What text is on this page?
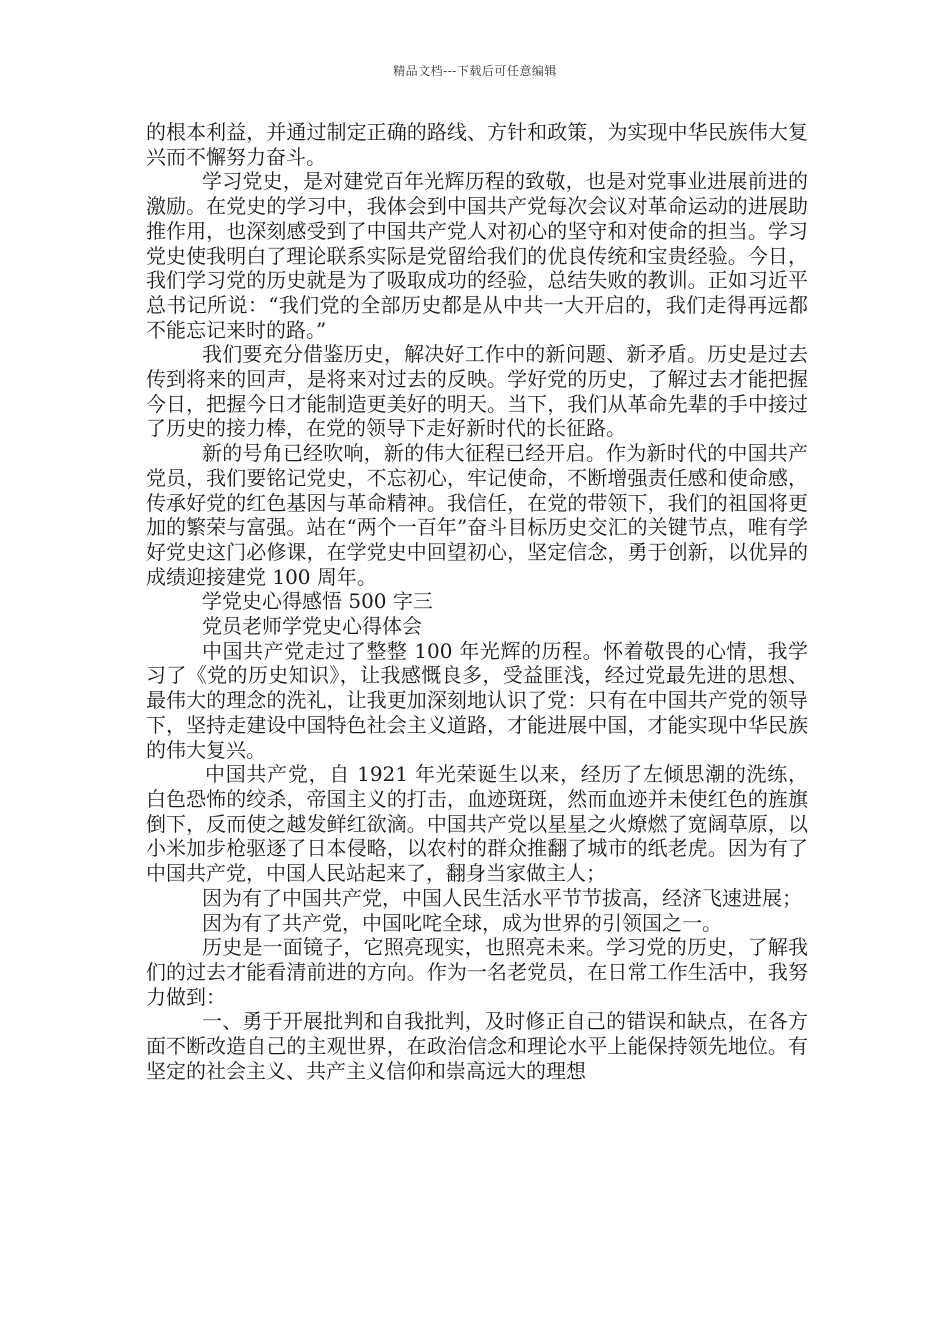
精品文档---下载后可任意编辑

的根本利益，并通过制定正确的路线、方针和政策，为实现中华民族伟大复兴而不懈努力奋斗。

学习党史，是对建党百年光辉历程的致敬，也是对党事业进展前进的激励。在党史的学习中，我体会到中国共产党每次会议对革命运动的进展助推作用，也深刻感受到了中国共产党人对初心的坚守和对使命的担当。学习党史使我明白了理论联系实际是党留给我们的优良传统和宝贵经验。今日，我们学习党的历史就是为了吸取成功的经验，总结失败的教训。正如习近平总书记所说：“我们党的全部历史都是从中共一大开启的，我们走得再远都不能忘记来时的路。”

我们要充分借鉴历史，解决好工作中的新问题、新矛盾。历史是过去传到将来的回声，是将来对过去的反映。学好党的历史，了解过去才能把握今日，把握今日才能制造更美好的明天。当下，我们从革命先辈的手中接过了历史的接力棒，在党的领导下走好新时代的长征路。

新的号角已经吹响，新的伟大征程已经开启。作为新时代的中国共产党员，我们要铭记党史，不忘初心，牢记使命，不断增强责任感和使命感，传承好党的红色基因与革命精神。我信任，在党的带领下，我们的祖国将更加的繁荣与富强。站在“两个一百年”奋斗目标历史交汇的关键节点，唯有学好党史这门必修课，在学党史中回望初心，坚定信念，勇于创新，以优异的成绩迎接建党 100 周年。

学党史心得感悟 500 字三

党员老师学党史心得体会

中国共产党走过了整整 100 年光辉的历程。怀着敬畏的心情，我学习了《党的历史知识》，让我感慨良多，受益匪浅，经过党最先进的思想、最伟大的理念的洗礼，让我更加深刻地认识了党：只有在中国共产党的领导下，坚持走建设中国特色社会主义道路，才能进展中国，才能实现中华民族的伟大复兴。

中国共产党，自 1921 年光荣诞生以来，经历了左倾思潮的洗练，白色恐怖的绞杀，帝国主义的打击，血迹斑斑，然而血迹并未使红色的旌旗倒下，反而使之越发鲜红欲滴。中国共产党以星星之火燎燃了宽阔草原，以小米加步枪驱逐了日本侵略，以农村的群众推翻了城市的纸老虎。因为有了中国共产党，中国人民站起来了，翻身当家做主人；

因为有了中国共产党，中国人民生活水平节节拔高，经济飞速进展；

因为有了共产党，中国叱咤全球，成为世界的引领国之一。

历史是一面镜子，它照亮现实，也照亮未来。学习党的历史，了解我们的过去才能看清前进的方向。作为一名老党员，在日常工作生活中，我努力做到：

一、勇于开展批判和自我批判，及时修正自己的错误和缺点，在各方面不断改造自己的主观世界，在政治信念和理论水平上能保持领先地位。有坚定的社会主义、共产主义信仰和崇高远大的理想
